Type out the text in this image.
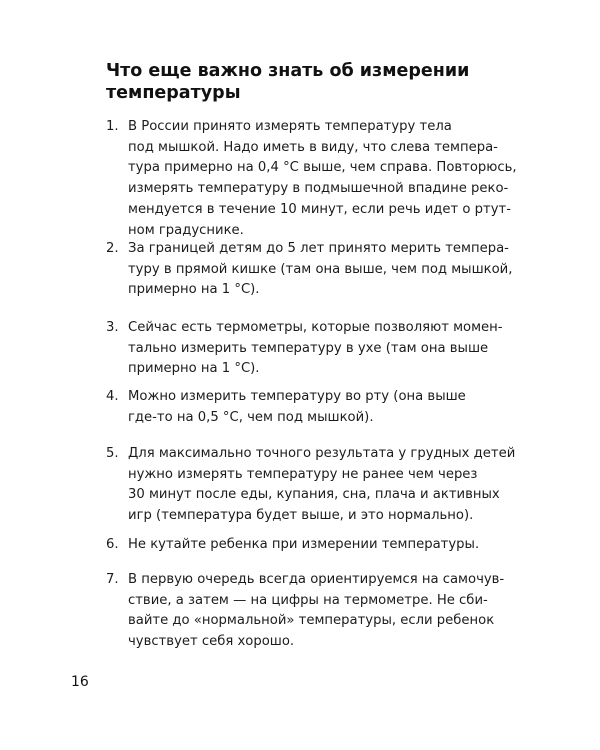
Что еще важно знать об измерении
температуры
1. В России принято измерять температуру тела
под мышкой. Надо иметь в виду, что слева темпера-
тура примерно на 0,4 °С выше, чем справа. Повторюсь,
измерять температуру в подмышечной впадине реко-
мендуется в течение 10 минут, если речь идет о ртут-
ном градуснике.
2. За границей детям до 5 лет принято мерить темпера-
туру в прямой кишке (там она выше, чем под мышкой,
примерно на 1 °С).
3. Сейчас есть термометры, которые позволяют момен-
тально измерить температуру в ухе (там она выше
примерно на 1 °С).
4. Можно измерить температуру во рту (она выше
где-то на 0,5 °С, чем под мышкой).
5. Для максимально точного результата у грудных детей
нужно измерять температуру не ранее чем через
30 минут после еды, купания, сна, плача и активных
игр (температура будет выше, и это нормально).
6. Не кутайте ребенка при измерении температуры.
7. В первую очередь всегда ориентируемся на самочув-
ствие, а затем — на цифры на термометре. Не сби-
вайте до «нормальной» температуры, если ребенок
чувствует себя хорошо.
16
